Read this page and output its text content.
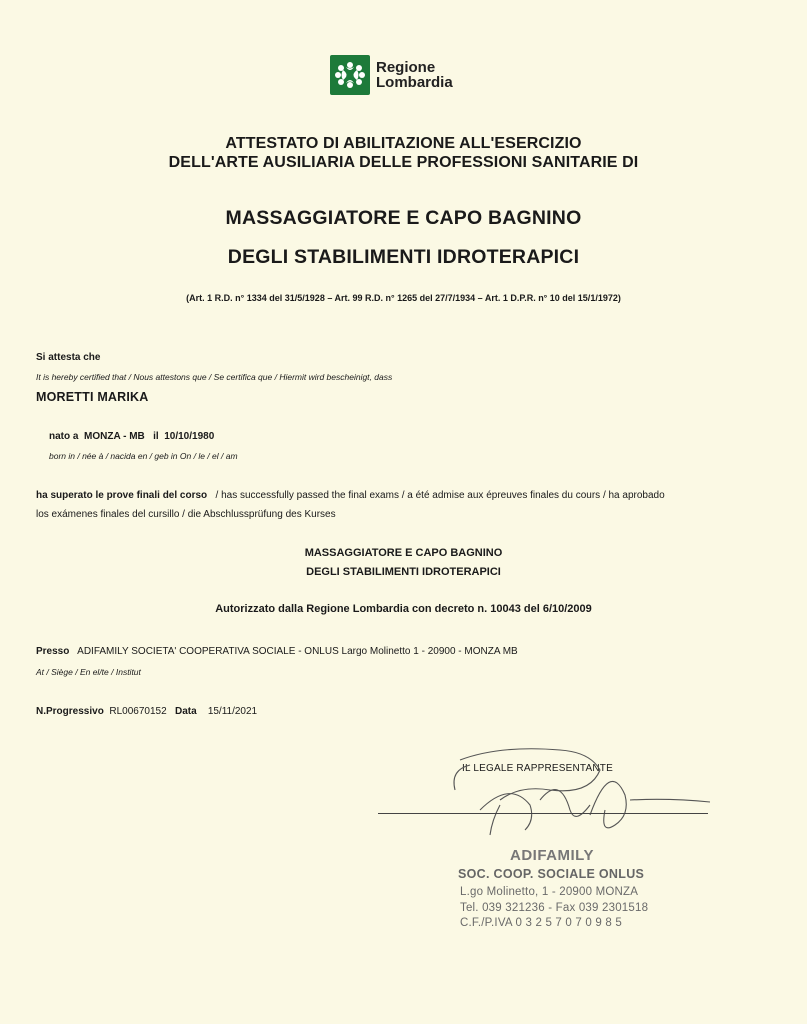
Regione
Lombardia
ATTESTATO DI ABILITAZIONE ALL'ESERCIZIO
DELL'ARTE AUSILIARIA DELLE PROFESSIONI SANITARIE DI
MASSAGGIATORE E CAPO BAGNINO
DEGLI STABILIMENTI IDROTERAPICI
(Art. 1 R.D. n° 1334 del 31/5/1928 – Art. 99 R.D. n° 1265 del 27/7/1934 – Art. 1 D.P.R. n° 10 del 15/1/1972)
Si attesta che
It is hereby certified that / Nous attestons que / Se certifica que / Hiermit wird bescheinigt, dass
MORETTI MARIKA
nato a MONZA - MB il 10/10/1980
born in / née à / nacida en / geb in On / le / el / am
ha superato le prove finali del corso / has successfully passed the final exams / a été admise aux épreuves finales du cours / ha aprobado
los exámenes finales del cursillo / die Abschlussprüfung des Kurses
MASSAGGIATORE E CAPO BAGNINO
DEGLI STABILIMENTI IDROTERAPICI
Autorizzato dalla Regione Lombardia con decreto n. 10043 del 6/10/2009
Presso ADIFAMILY SOCIETA' COOPERATIVA SOCIALE - ONLUS Largo Molinetto 1 - 20900 - MONZA MB
At / Siège / En el/te / Institut
N.Progressivo RL00670152 Data 15/11/2021
IL LEGALE RAPPRESENTANTE
ADIFAMILY
SOC. COOP. SOCIALE ONLUS
L.go Molinetto, 1 - 20900 MONZA
Tel. 039 321236 - Fax 039 2301518
C.F./P.IVA 0 3 2 5 7 0 7 0 9 8 5
